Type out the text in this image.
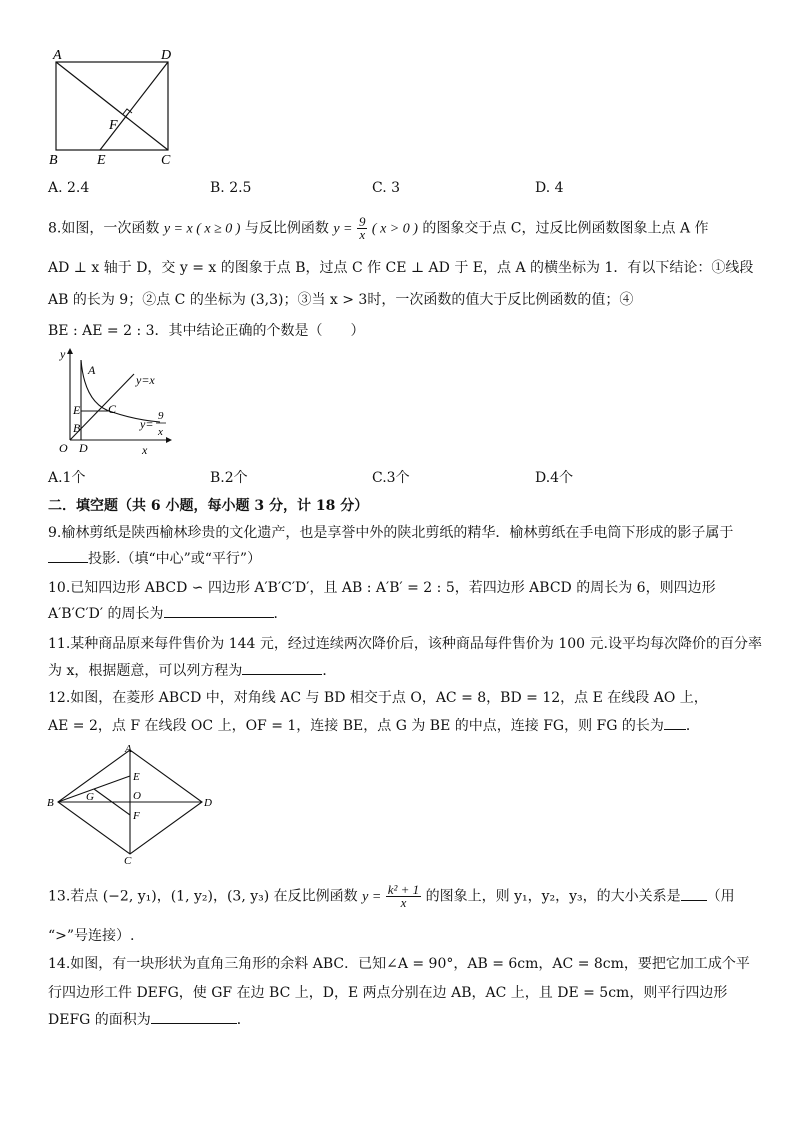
A	D
B	E	C
F
A. 2.4	B. 2.5	C. 3	D. 4
8.如图，一次函数 y = x ( x ≥ 0 ) 与反比例函数 $y = \frac{9}{x}$ ( x > 0 ) 的图象交于点 C，过反比例函数图象上点 A 作
AD ⊥ x 轴于 D，交 y = x 的图象于点 B，过点 C 作 CE ⊥ AD 于 E，点 A 的横坐标为 1．有以下结论：①线段
AB 的长为 9；②点 C 的坐标为 (3,3)；③当 x > 3时，一次函数的值大于反比例函数的值；④
BE : AE = 2 : 3．其中结论正确的个数是（　　）
y
A
y=x
E C
B
O D	x
y=
9
x
A.1个	B.2个	C.3个	D.4个
二．填空题（共 6 小题，每小题 3 分，计 18 分）
9.榆林剪纸是陕西榆林珍贵的文化遗产，也是享誉中外的陕北剪纸的精华．榆林剪纸在手电筒下形成的影子属于
投影.（填“中心”或“平行”）
10.已知四边形 ABCD ∽ 四边形 A′B′C′D′，且 AB : A′B′ = 2 : 5，若四边形 ABCD 的周长为 6，则四边形
A′B′C′D′ 的周长为	．
11.某种商品原来每件售价为 144 元，经过连续两次降价后，该种商品每件售价为 100 元.设平均每次降价的百分率
为 x，根据题意，可以列方程为	．
12.如图，在菱形 ABCD 中，对角线 AC 与 BD 相交于点 O，AC = 8，BD = 12，点 E 在线段 AO 上，
AE = 2，点 F 在线段 OC 上，OF = 1，连接 BE，点 G 为 BE 的中点，连接 FG，则 FG 的长为 ．
A
E
G	O
B	D
F
C
13.若点 (−2, y₁)，(1, y₂)，(3, y₃) 在反比例函数 $y = \frac{\text{k² + 1}}{x}$ 的图象上，则 y₁，y₂，y₃，的大小关系是 （用
“>”号连接）.
14.如图，有一块形状为直角三角形的余料 ABC．已知∠A = 90°，AB = 6cm，AC = 8cm，要把它加工成个平
行四边形工件 DEFG，使 GF 在边 BC 上，D，E 两点分别在边 AB，AC 上，且 DE = 5cm，则平行四边形
DEFG 的面积为	．
